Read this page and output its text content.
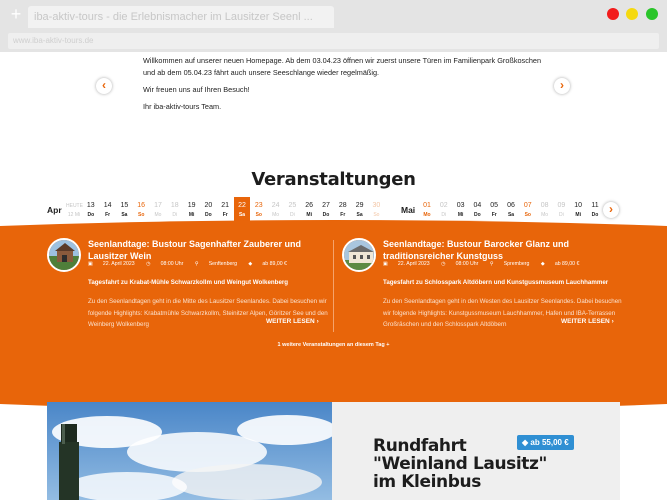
+	iba-aktiv-tours - die Erlebnismacher im Lausitzer Seenl ...
www.iba-aktiv-tours.de
‹

Willkommen auf unserer neuen Homepage. Ab dem 03.04.23 öffnen wir zuerst unsere Türen im Familienpark Großkoschen und ab dem 05.04.23 fährt auch unsere Seeschlange wieder regelmäßig.

Wir freuen uns auf Ihren Besuch!

Ihr iba-aktiv-tours Team.

›
Veranstaltungen
Apr	Mai
HEUTE
12 Mi
13
Do
14
Fr
15
Sa
16
So
17
Mo
18
Di
19
Mi
20
Do
21
Fr
22
Sa
23
So
24
Mo
25
Di
26
Mi
27
Do
28
Fr
29
Sa
30
So
01
Mo
02
Di
03
Mi
04
Do
05
Fr
06
Sa
07
So
08
Mo
09
Di
10
Mi
11
Do ›
Seenlandtage: Bustour Sagenhafter Zauberer und Lausitzer Wein
▣ 22. April 2023 ◷ 08:00 Uhr ⚲ Senftenberg ◆ ab 89,00 €
Tagesfahrt zu Krabat-Mühle Schwarzkollm und Weingut Wolkenberg
Zu den Seenlandtagen geht in die Mitte des Lausitzer Seenlandes. Dabei besuchen wir folgende Highlights: Krabatmühle Schwarzkollm, Steinitzer Alpen, Göritzer See und den Weinberg Wolkenberg	WEITER LESEN ›
Seenlandtage: Bustour Barocker Glanz und traditionsreicher Kunstguss
▣ 22. April 2023 ◷ 08:00 Uhr ⚲ Spremberg ◆ ab 89,00 €
Tagesfahrt zu Schlosspark Altdöbern und Kunstgussmuseum Lauchhammer
Zu den Seenlandtagen geht in den Westen des Lausitzer Seenlandes. Dabei besuchen wir folgende Highlights: Kunstgussmuseum Lauchhammer, Hafen und IBA-Terrassen Großräschen und den Schlosspark Altdöbern	WEITER LESEN ›
1 weitere Veranstaltungen an diesem Tag +
Rundfahrt "Weinland Lausitz" im Kleinbus
◆ ab 55,00 €
